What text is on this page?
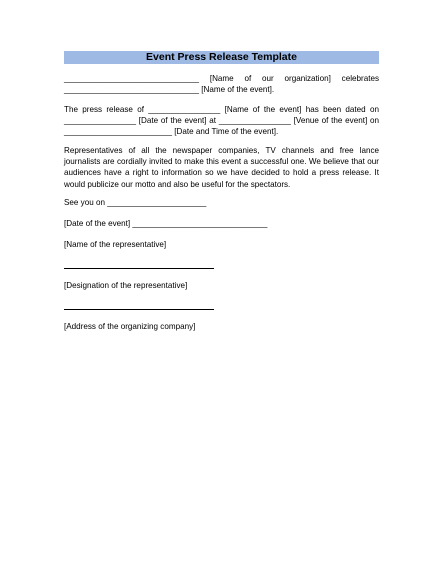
Event Press Release Template
______________________________ [Name of our organization] celebrates ______________________________ [Name of the event].
The press release of ________________ [Name of the event] has been dated on ________________ [Date of the event] at ________________ [Venue of the event] on ________________________ [Date and Time of the event].
Representatives of all the newspaper companies, TV channels and free lance journalists are cordially invited to make this event a successful one. We believe that our audiences have a right to information so we have decided to hold a press release. It would publicize our motto and also be useful for the spectators.
See you on ______________________
[Date of the event] ______________________________
[Name of the representative]
[Designation of the representative]
[Address of the organizing company]
